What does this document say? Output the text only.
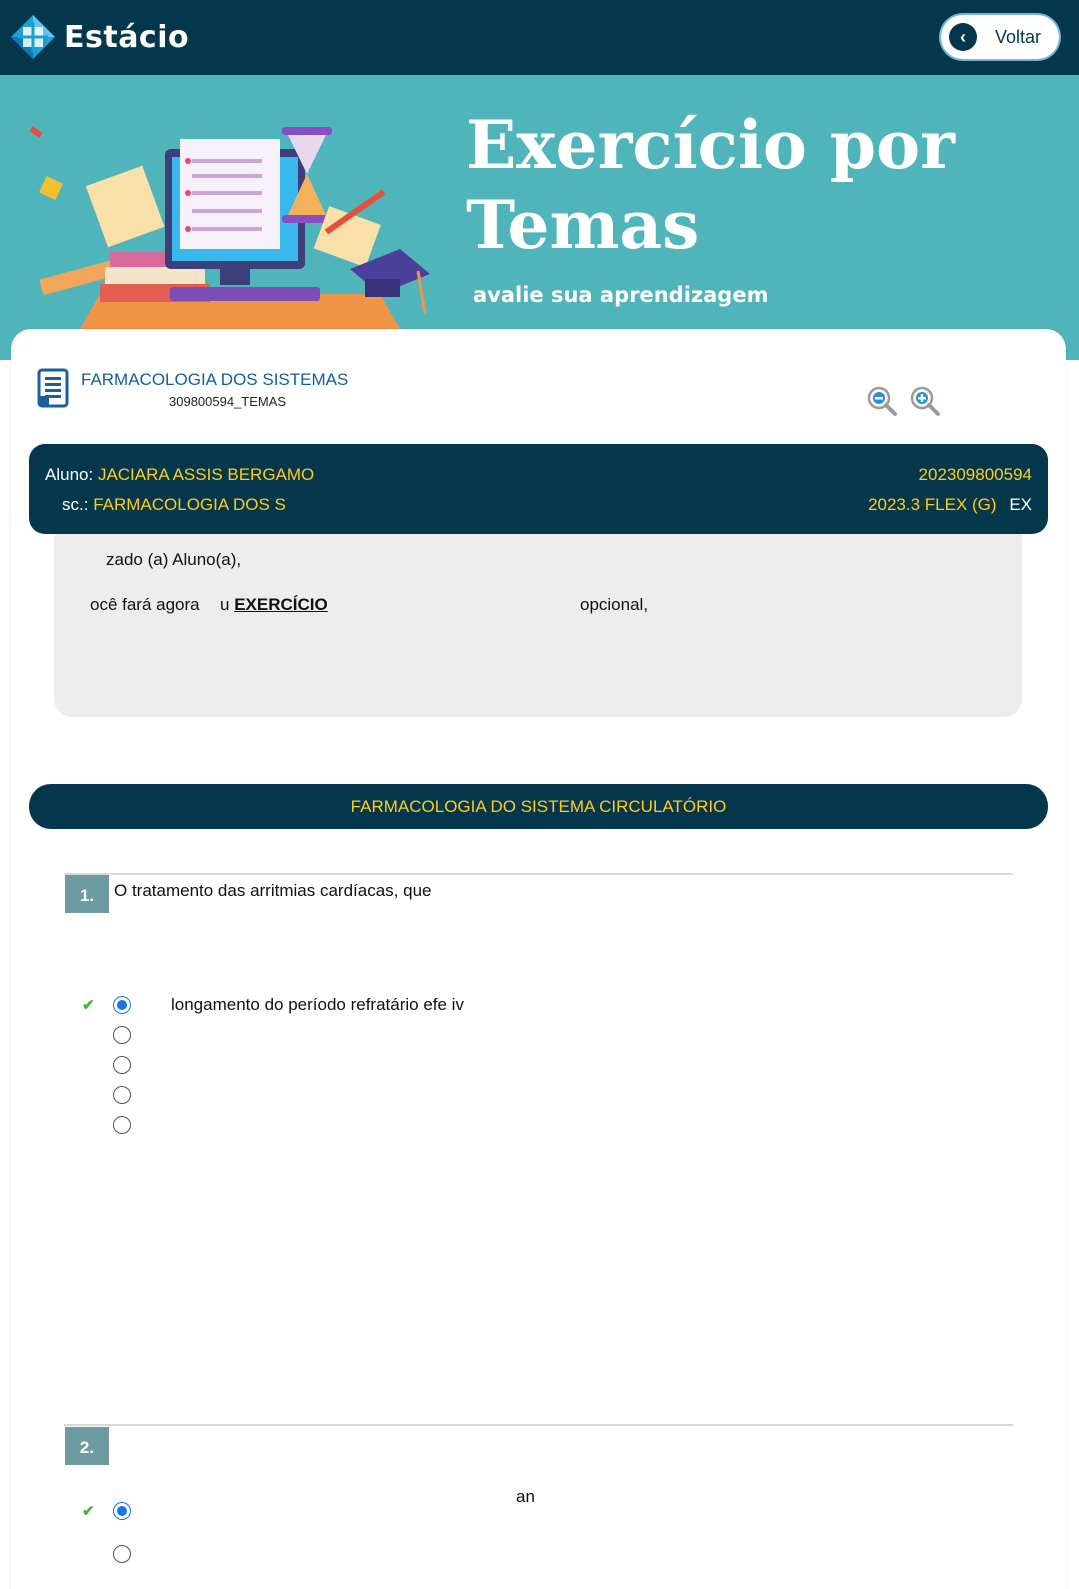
Estácio	‹	Voltar
Exercício por
Temas
avalie sua aprendizagem
FARMACOLOGIA DOS SISTEMAS
309800594_TEMAS
Aluno: JACIARA ASSIS BERGAMO	202309800594
sc.: FARMACOLOGIA DOS S	2023.3 FLEX (G) EX
zado (a) Aluno(a),
ocê fará agora u EXERCÍCIO	opcional,
FARMACOLOGIA DO SISTEMA CIRCULATÓRIO
1.	O tratamento das arritmias cardíacas, que
✔	longamento do período refratário efe iv
2.
an
✔
